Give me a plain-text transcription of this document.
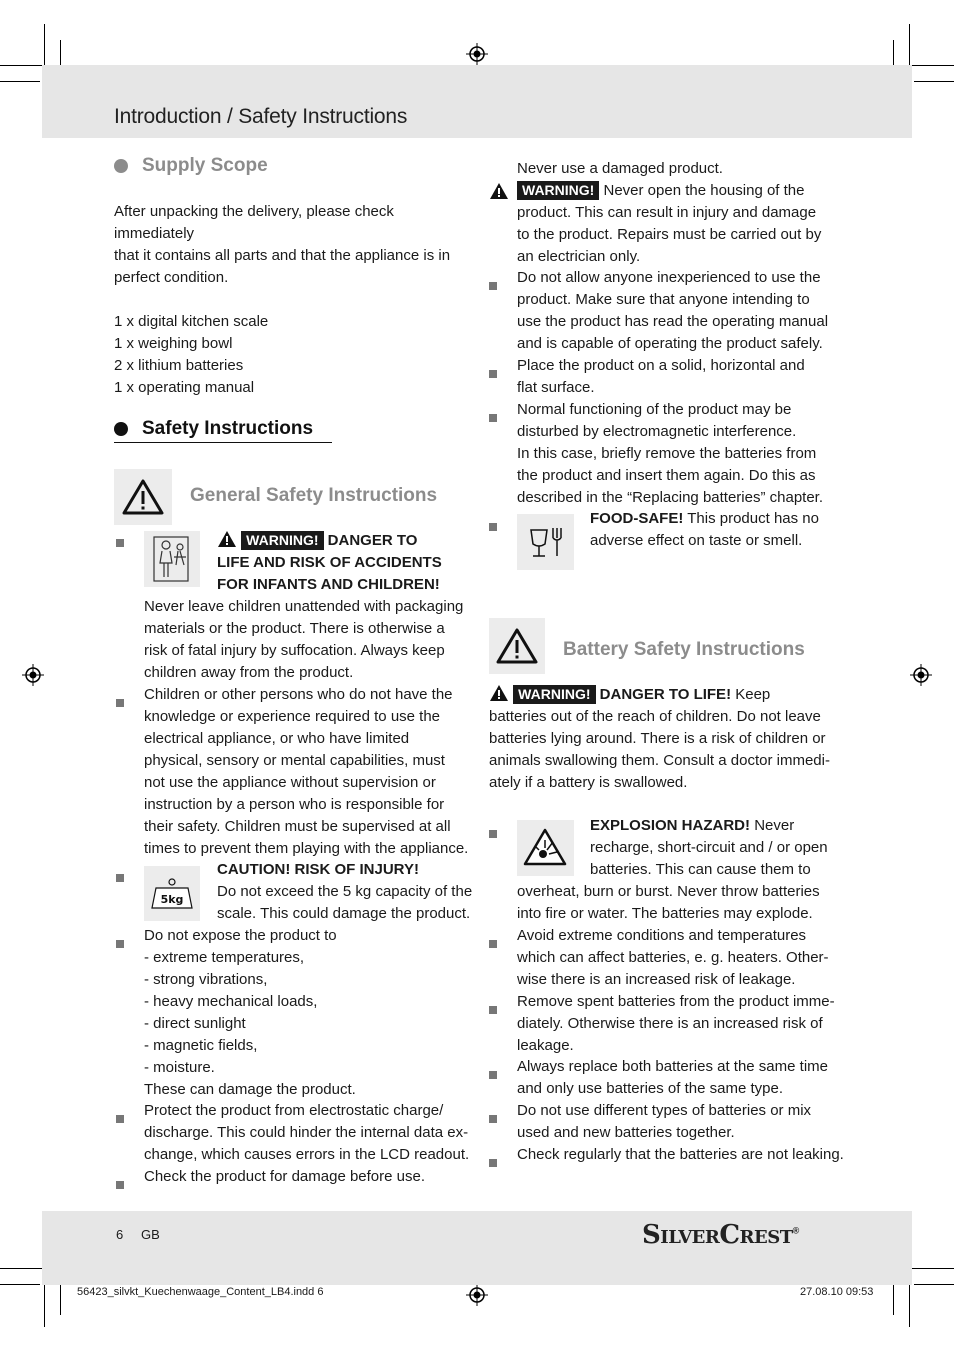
Introduction / Safety Instructions
Supply Scope

After unpacking the delivery, please check immediately

that it contains all parts and that the appliance is in

perfect condition.

1 x digital kitchen scale

1 x weighing bowl

2 x lithium batteries

1 x operating manual

Safety Instructions
General Safety Instructions
WARNING! DANGER TO
LIFE AND RISK OF ACCIDENTS
FOR INFANTS AND CHILDREN!

Never leave children unattended with packaging

materials or the product. There is otherwise a

risk of fatal injury by suffocation. Always keep

children away from the product.

Children or other persons who do not have the

knowledge or experience required to use the

electrical appliance, or who have limited

physical, sensory or mental capabilities, must

not use the appliance without supervision or

instruction by a person who is responsible for

their safety. Children must be supervised at all

times to prevent them playing with the appliance.

5kg
CAUTION! RISK OF INJURY!

Do not exceed the 5 kg capacity of the

scale. This could damage the product.

Do not expose the product to

- extreme temperatures,

- strong vibrations,

- heavy mechanical loads,

- direct sunlight

- magnetic fields,

- moisture.

These can damage the product.

Protect the product from electrostatic charge/

discharge. This could hinder the internal data ex-

change, which causes errors in the LCD readout.

Check the product for damage before use.

Never use a damaged product.

WARNING! Never open the housing of the
product. This can result in injury and damage
to the product. Repairs must be carried out by
an electrician only.

Do not allow anyone inexperienced to use the

product. Make sure that anyone intending to

use the product has read the operating manual

and is capable of operating the product safely.

Place the product on a solid, horizontal and

flat surface.

Normal functioning of the product may be

disturbed by electromagnetic interference.

In this case, briefly remove the batteries from

the product and insert them again. Do this as

described in the “Replacing batteries” chapter.

FOOD-SAFE! This product has no
adverse effect on taste or smell.
Battery Safety Instructions
WARNING! DANGER TO LIFE! Keep
batteries out of the reach of children. Do not leave
batteries lying around. There is a risk of children or
animals swallowing them. Consult a doctor immedi-
ately if a battery is swallowed.
EXPLOSION HAZARD! Never
recharge, short-circuit and / or open
batteries. This can cause them to

overheat, burn or burst. Never throw batteries

into fire or water. The batteries may explode.

Avoid extreme conditions and temperatures

which can affect batteries, e. g. heaters. Other-

wise there is an increased risk of leakage.

Remove spent batteries from the product imme-

diately. Otherwise there is an increased risk of

leakage.

Always replace both batteries at the same time

and only use batteries of the same type.

Do not use different types of batteries or mix

used and new batteries together.

Check regularly that the batteries are not leaking.

6 GB	SilverCrest®
56423_silvkt_Kuechenwaage_Content_LB4.indd 6	27.08.10 09:53
